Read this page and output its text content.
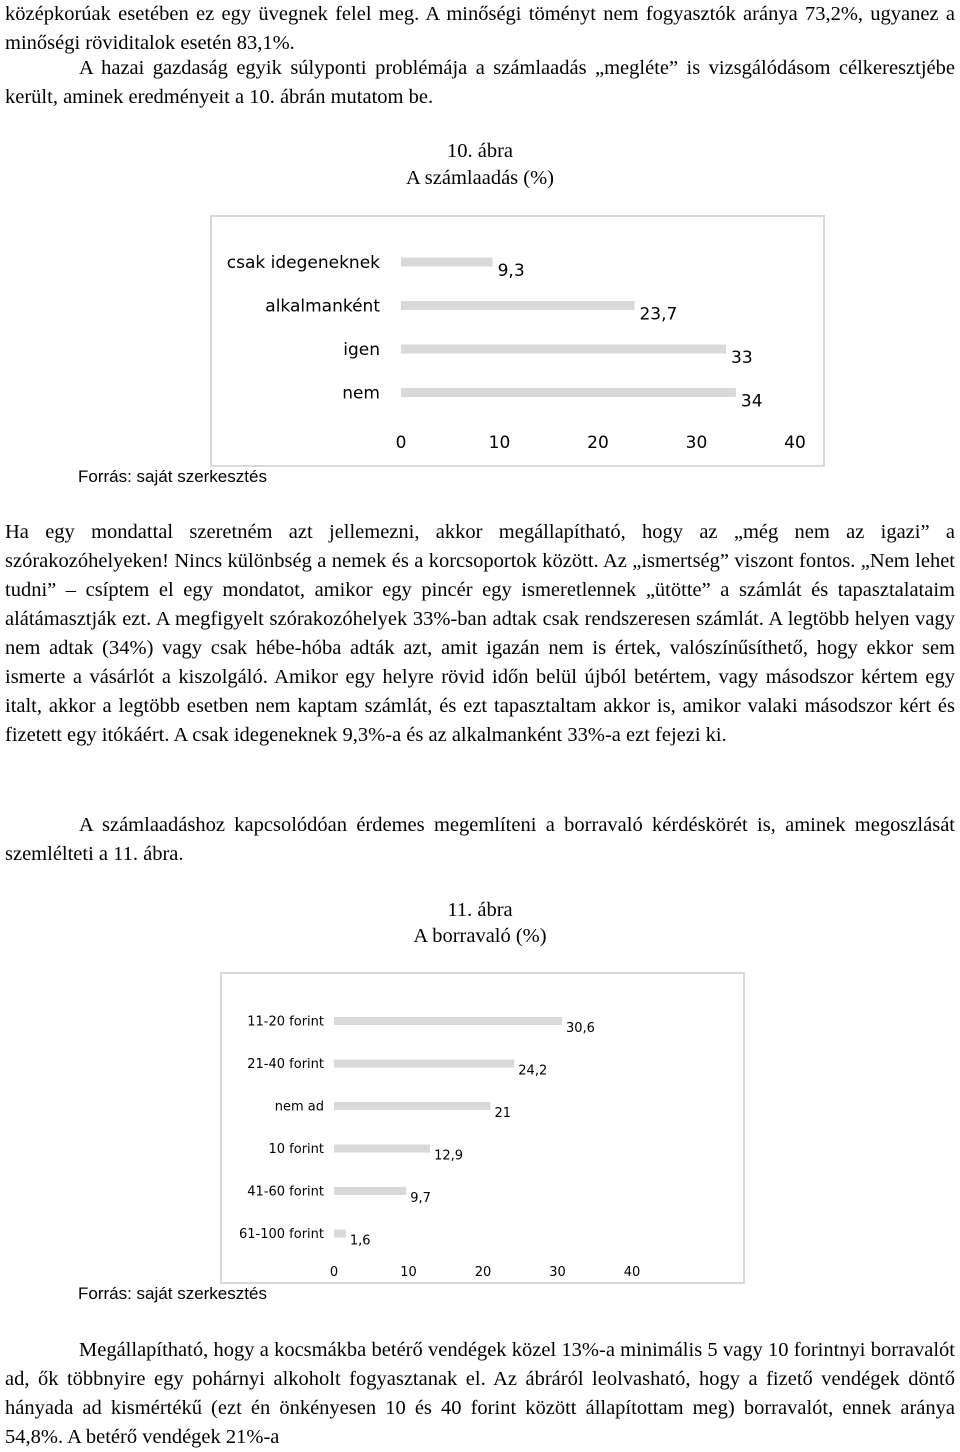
középkorúak esetében ez egy üvegnek felel meg. A minőségi töményt nem fogyasztók aránya 73,2%, ugyanez a minőségi röviditalok esetén 83,1%.
A hazai gazdaság egyik súlyponti problémája a számlaadás „megléte” is vizsgálódásom célkeresztjébe került, aminek eredményeit a 10. ábrán mutatom be.
10. ábra
A számlaadás (%)
csak idegeneknek	9,3
alkalmanként	23,7
igen	33
nem	34
0	10	20	30	40
Forrás: saját szerkesztés
Ha egy mondattal szeretném azt jellemezni, akkor megállapítható, hogy az „még nem az igazi” a szórakozóhelyeken! Nincs különbség a nemek és a korcsoportok között. Az „ismertség” viszont fontos. „Nem lehet tudni” – csíptem el egy mondatot, amikor egy pincér egy ismeretlennek „ütötte” a számlát és tapasztalataim alátámasztják ezt. A megfigyelt szórakozóhelyek 33%-ban adtak csak rendszeresen számlát. A legtöbb helyen vagy nem adtak (34%) vagy csak hébe-hóba adták azt, amit igazán nem is értek, valószínűsíthető, hogy ekkor sem ismerte a vásárlót a kiszolgáló. Amikor egy helyre rövid időn belül újból betértem, vagy másodszor kértem egy italt, akkor a legtöbb esetben nem kaptam számlát, és ezt tapasztaltam akkor is, amikor valaki másodszor kért és fizetett egy itókáért. A csak idegeneknek 9,3%-a és az alkalmanként 33%-a ezt fejezi ki.
A számlaadáshoz kapcsolódóan érdemes megemlíteni a borravaló kérdéskörét is, aminek megoszlását szemlélteti a 11. ábra.
11. ábra
A borravaló (%)
11-20 forint	30,6
21-40 forint	24,2
nem ad	21
10 forint	12,9
41-60 forint	9,7
61-100 forint 1,6
0	10	20	30	40
Forrás: saját szerkesztés
Megállapítható, hogy a kocsmákba betérő vendégek közel 13%-a minimális 5 vagy 10 forintnyi borravalót ad, ők többnyire egy pohárnyi alkoholt fogyasztanak el. Az ábráról leolvasható, hogy a fizető vendégek döntő hányada ad kismértékű (ezt én önkényesen 10 és 40 forint között állapítottam meg) borravalót, ennek aránya 54,8%. A betérő vendégek 21%-a
